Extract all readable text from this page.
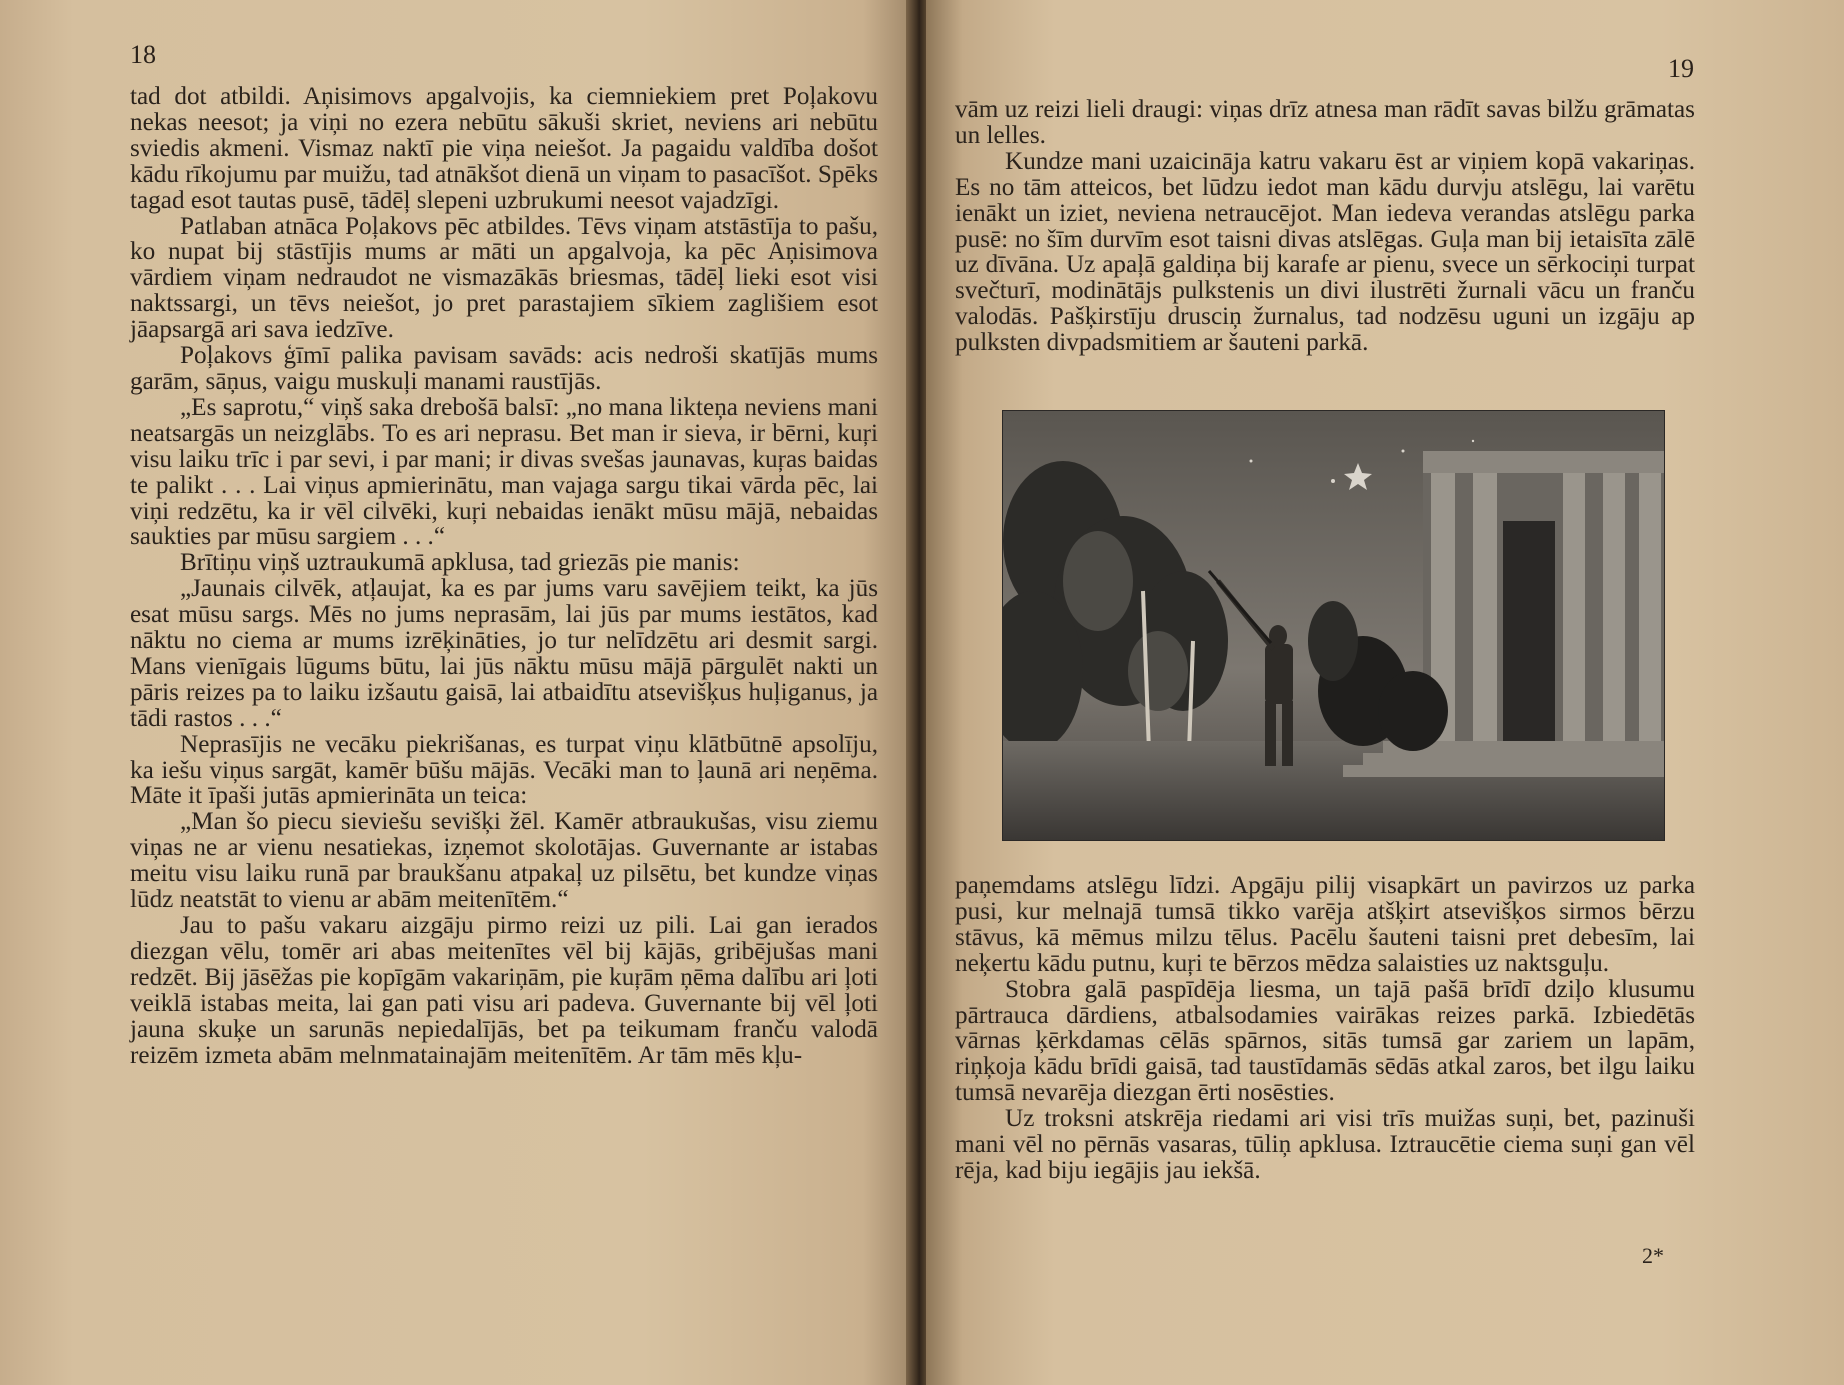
18

tad dot atbildi. Aņisimovs apgalvojis, ka ciemniekiem pret Poļakovu nekas neesot; ja viņi no ezera nebūtu sākuši skriet, neviens ari nebūtu sviedis akmeni. Vismaz naktī pie viņa neiešot. Ja pagaidu valdība došot kādu rīkojumu par muižu, tad atnākšot dienā un viņam to pasacīšot. Spēks tagad esot tautas pusē, tādēļ slepeni uzbrukumi neesot vajadzīgi.

Patlaban atnāca Poļakovs pēc atbildes. Tēvs viņam atstāstīja to pašu, ko nupat bij stāstījis mums ar māti un apgalvoja, ka pēc Aņisimova vārdiem viņam nedraudot ne vismazākās briesmas, tādēļ lieki esot visi naktssargi, un tēvs neiešot, jo pret parastajiem sīkiem zaglišiem esot jāapsargā ari sava iedzīve.

Poļakovs ģīmī palika pavisam savāds: acis nedroši skatījās mums garām, sāņus, vaigu muskuļi manami raustījās.

„Es saprotu,“ viņš saka drebošā balsī: „no mana likteņa neviens mani neatsargās un neizglābs. To es ari neprasu. Bet man ir sieva, ir bērni, kuŗi visu laiku trīc i par sevi, i par mani; ir divas svešas jaunavas, kuŗas baidas te palikt . . . Lai viņus apmierinātu, man vajaga sargu tikai vārda pēc, lai viņi redzētu, ka ir vēl cilvēki, kuŗi nebaidas ienākt mūsu mājā, nebaidas saukties par mūsu sargiem . . .“

Brītiņu viņš uztraukumā apklusa, tad griezās pie manis:

„Jaunais cilvēk, atļaujat, ka es par jums varu savējiem teikt, ka jūs esat mūsu sargs. Mēs no jums neprasām, lai jūs par mums iestātos, kad nāktu no ciema ar mums izrēķināties, jo tur nelīdzētu ari desmit sargi. Mans vienīgais lūgums būtu, lai jūs nāktu mūsu mājā pārgulēt nakti un pāris reizes pa to laiku izšautu gaisā, lai atbaidītu atsevišķus huļiganus, ja tādi rastos . . .“

Neprasījis ne vecāku piekrišanas, es turpat viņu klātbūtnē apsolīju, ka iešu viņus sargāt, kamēr būšu mājās. Vecāki man to ļaunā ari neņēma. Māte it īpaši jutās apmierināta un teica:

„Man šo piecu sieviešu sevišķi žēl. Kamēr atbraukušas, visu ziemu viņas ne ar vienu nesatiekas, izņemot skolotājas. Guvernante ar istabas meitu visu laiku runā par braukšanu atpakaļ uz pilsētu, bet kundze viņas lūdz neatstāt to vienu ar abām meitenītēm.“

Jau to pašu vakaru aizgāju pirmo reizi uz pili. Lai gan ierados diezgan vēlu, tomēr ari abas meitenītes vēl bij kājās, gribējušas mani redzēt. Bij jāsēžas pie kopīgām vakariņām, pie kuŗām ņēma dalību ari ļoti veiklā istabas meita, lai gan pati visu ari padeva. Guvernante bij vēl ļoti jauna skuķe un sarunās nepiedalījās, bet pa teikumam franču valodā reizēm izmeta abām melnmatainajām meitenītēm. Ar tām mēs kļu-

19

vām uz reizi lieli draugi: viņas drīz atnesa man rādīt savas bilžu grāmatas un lelles.

Kundze mani uzaicināja katru vakaru ēst ar viņiem kopā vakariņas. Es no tām atteicos, bet lūdzu iedot man kādu durvju atslēgu, lai varētu ienākt un iziet, neviena netraucējot. Man iedeva verandas atslēgu parka pusē: no šīm durvīm esot taisni divas atslēgas. Guļa man bij ietaisīta zālē uz dīvāna. Uz apaļā galdiņa bij karafe ar pienu, svece un sērkociņi turpat svečturī, modinātājs pulkstenis un divi ilustrēti žurnali vācu un franču valodās. Pašķirstīju drusciņ žurnalus, tad nodzēsu uguni un izgāju ap pulksten divpadsmitiem ar šauteni parkā.

paņemdams atslēgu līdzi. Apgāju pilij visapkārt un pavirzos uz parka pusi, kur melnajā tumsā tikko varēja atšķirt atsevišķos sirmos bērzu stāvus, kā mēmus milzu tēlus. Pacēlu šauteni taisni pret debesīm, lai neķertu kādu putnu, kuŗi te bērzos mēdza salaisties uz naktsguļu.

Stobra galā paspīdēja liesma, un tajā pašā brīdī dziļo klusumu pārtrauca dārdiens, atbalsodamies vairākas reizes parkā. Izbiedētās vārnas ķērkdamas cēlās spārnos, sitās tumsā gar zariem un lapām, riņķoja kādu brīdi gaisā, tad taustīdamās sēdās atkal zaros, bet ilgu laiku tumsā nevarēja diezgan ērti nosēsties.

Uz troksni atskrēja riedami ari visi trīs muižas suņi, bet, pazinuši mani vēl no pērnās vasaras, tūliņ apklusa. Iztraucētie ciema suņi gan vēl rēja, kad biju iegājis jau iekšā.

2*
